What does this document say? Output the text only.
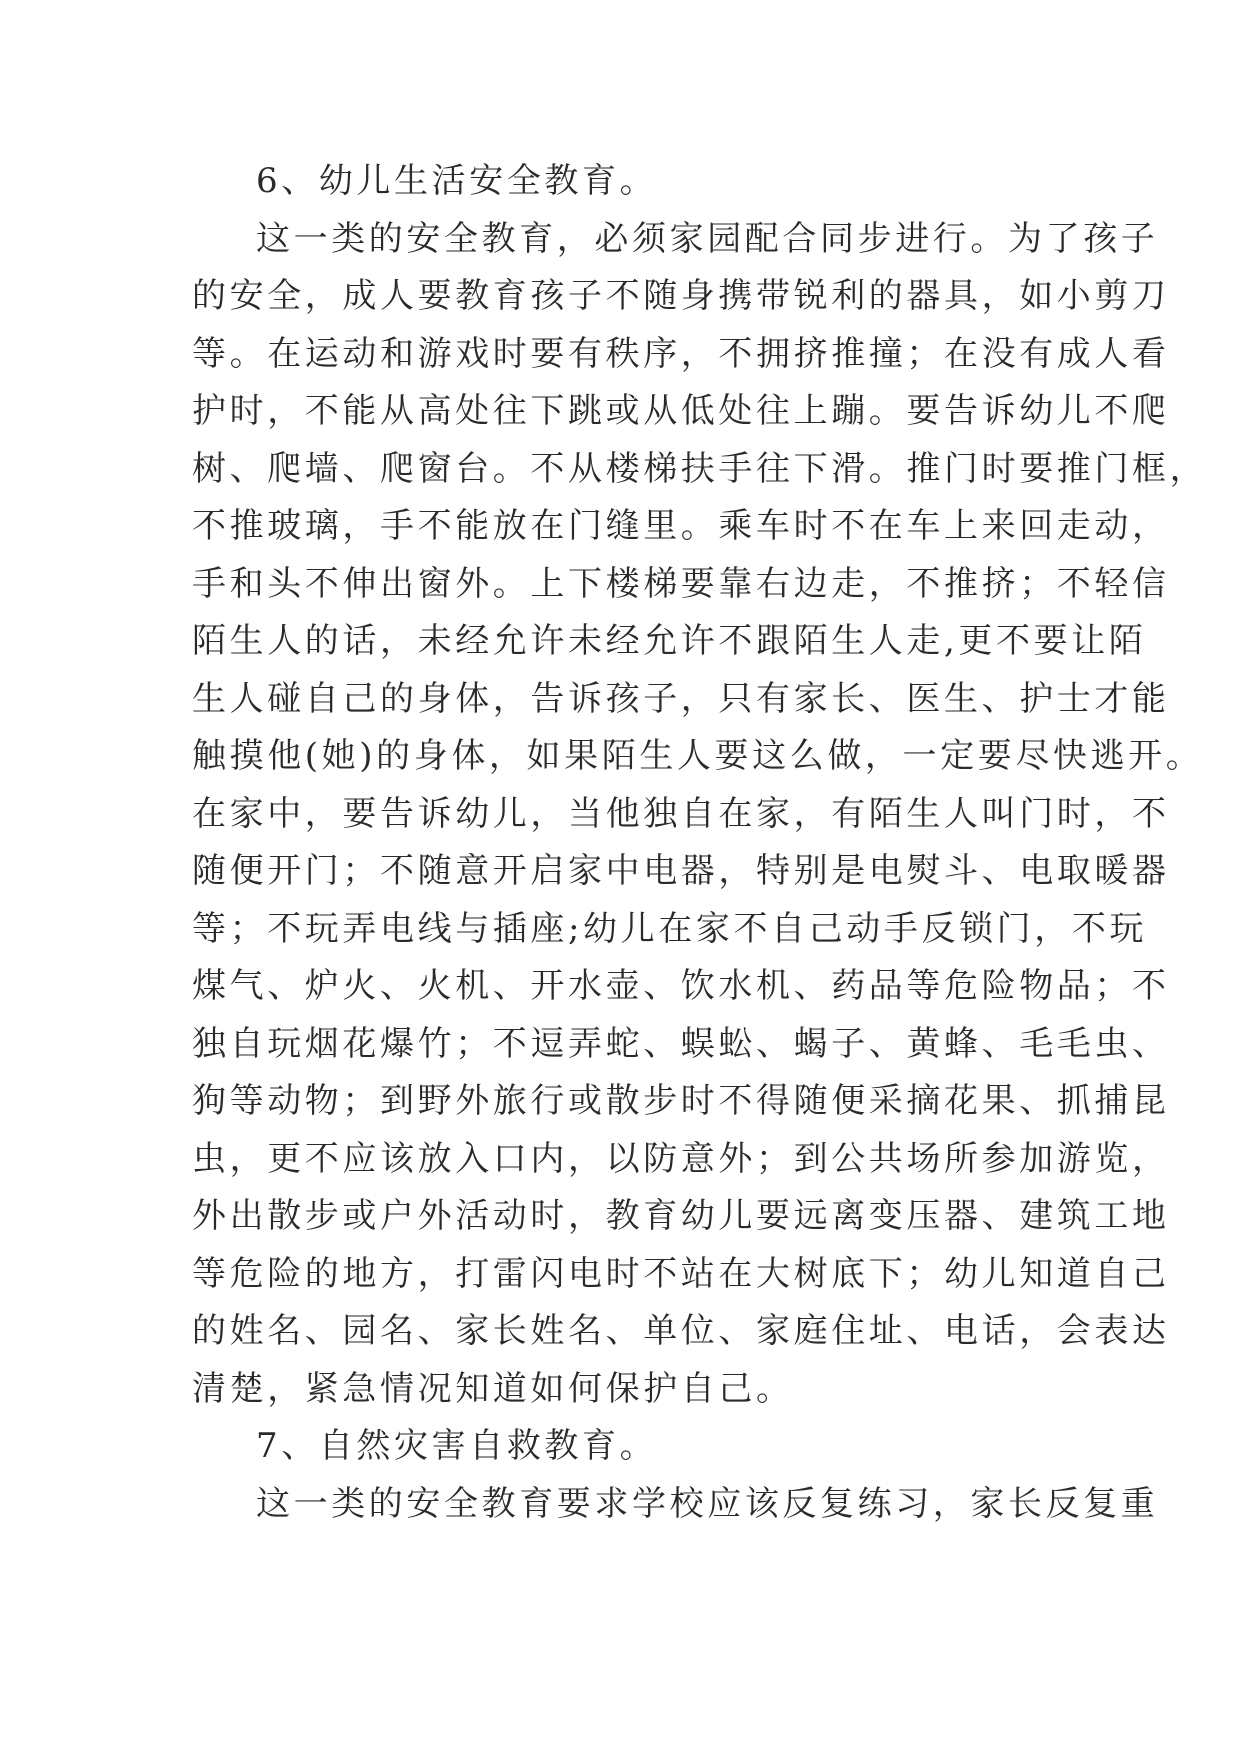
6、幼儿生活安全教育。
这一类的安全教育，必须家园配合同步进行。为了孩子
的安全，成人要教育孩子不随身携带锐利的器具，如小剪刀
等。在运动和游戏时要有秩序，不拥挤推撞；在没有成人看
护时，不能从高处往下跳或从低处往上蹦。要告诉幼儿不爬
树、爬墙、爬窗台。不从楼梯扶手往下滑。推门时要推门框，
不推玻璃，手不能放在门缝里。乘车时不在车上来回走动，
手和头不伸出窗外。上下楼梯要靠右边走，不推挤；不轻信
陌生人的话，未经允许未经允许不跟陌生人走,更不要让陌
生人碰自己的身体，告诉孩子，只有家长、医生、护士才能
触摸他(她)的身体，如果陌生人要这么做，一定要尽快逃开。
在家中，要告诉幼儿，当他独自在家，有陌生人叫门时，不
随便开门；不随意开启家中电器，特别是电熨斗、电取暖器
等；不玩弄电线与插座;幼儿在家不自己动手反锁门，不玩
煤气、炉火、火机、开水壶、饮水机、药品等危险物品；不
独自玩烟花爆竹；不逗弄蛇、蜈蚣、蝎子、黄蜂、毛毛虫、
狗等动物；到野外旅行或散步时不得随便采摘花果、抓捕昆
虫，更不应该放入口内，以防意外；到公共场所参加游览，
外出散步或户外活动时，教育幼儿要远离变压器、建筑工地
等危险的地方，打雷闪电时不站在大树底下；幼儿知道自己
的姓名、园名、家长姓名、单位、家庭住址、电话，会表达
清楚，紧急情况知道如何保护自己。
7、自然灾害自救教育。
这一类的安全教育要求学校应该反复练习，家长反复重
